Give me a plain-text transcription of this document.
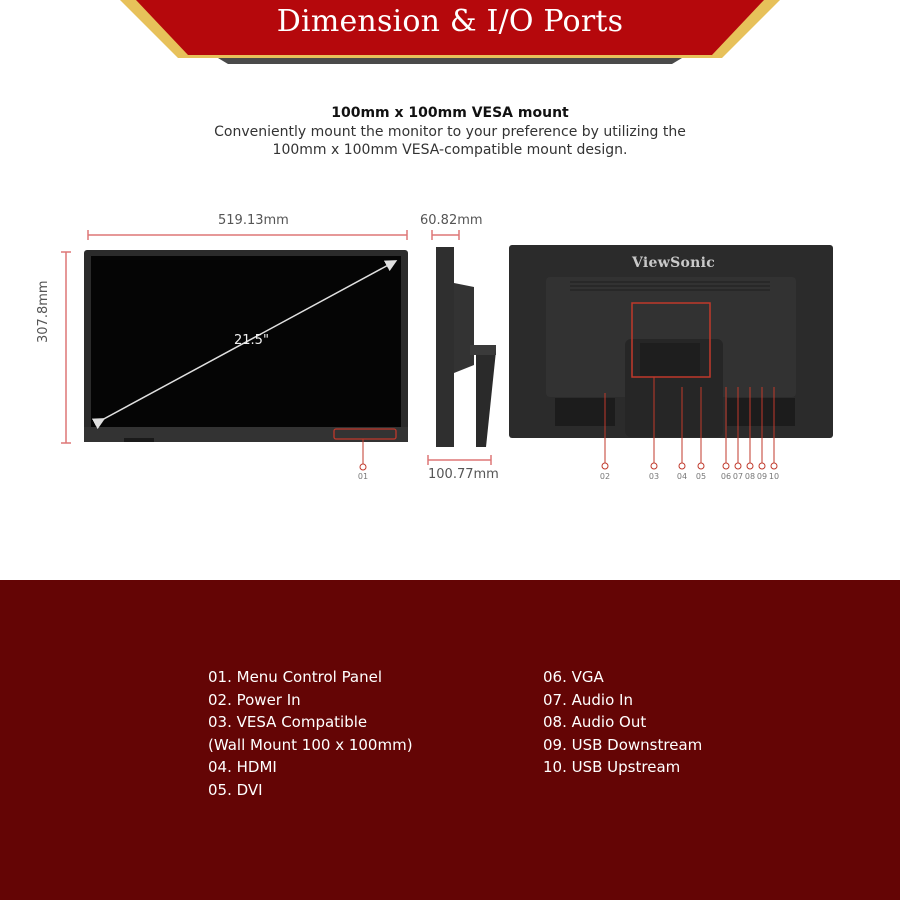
Dimension & I/O Ports
100mm x 100mm VESA mount
Conveniently mount the monitor to your preference by utilizing the
100mm x 100mm VESA-compatible mount design.
519.13mm
307.8mm
60.82mm
100.77mm
21.5"
ViewSonic
01	02	03	04	05	06 07 08 09 10
01. Menu Control Panel
02. Power In
03. VESA Compatible
(Wall Mount 100 x 100mm)
04. HDMI
05. DVI
06. VGA
07. Audio In
08. Audio Out
09. USB Downstream
10. USB Upstream
